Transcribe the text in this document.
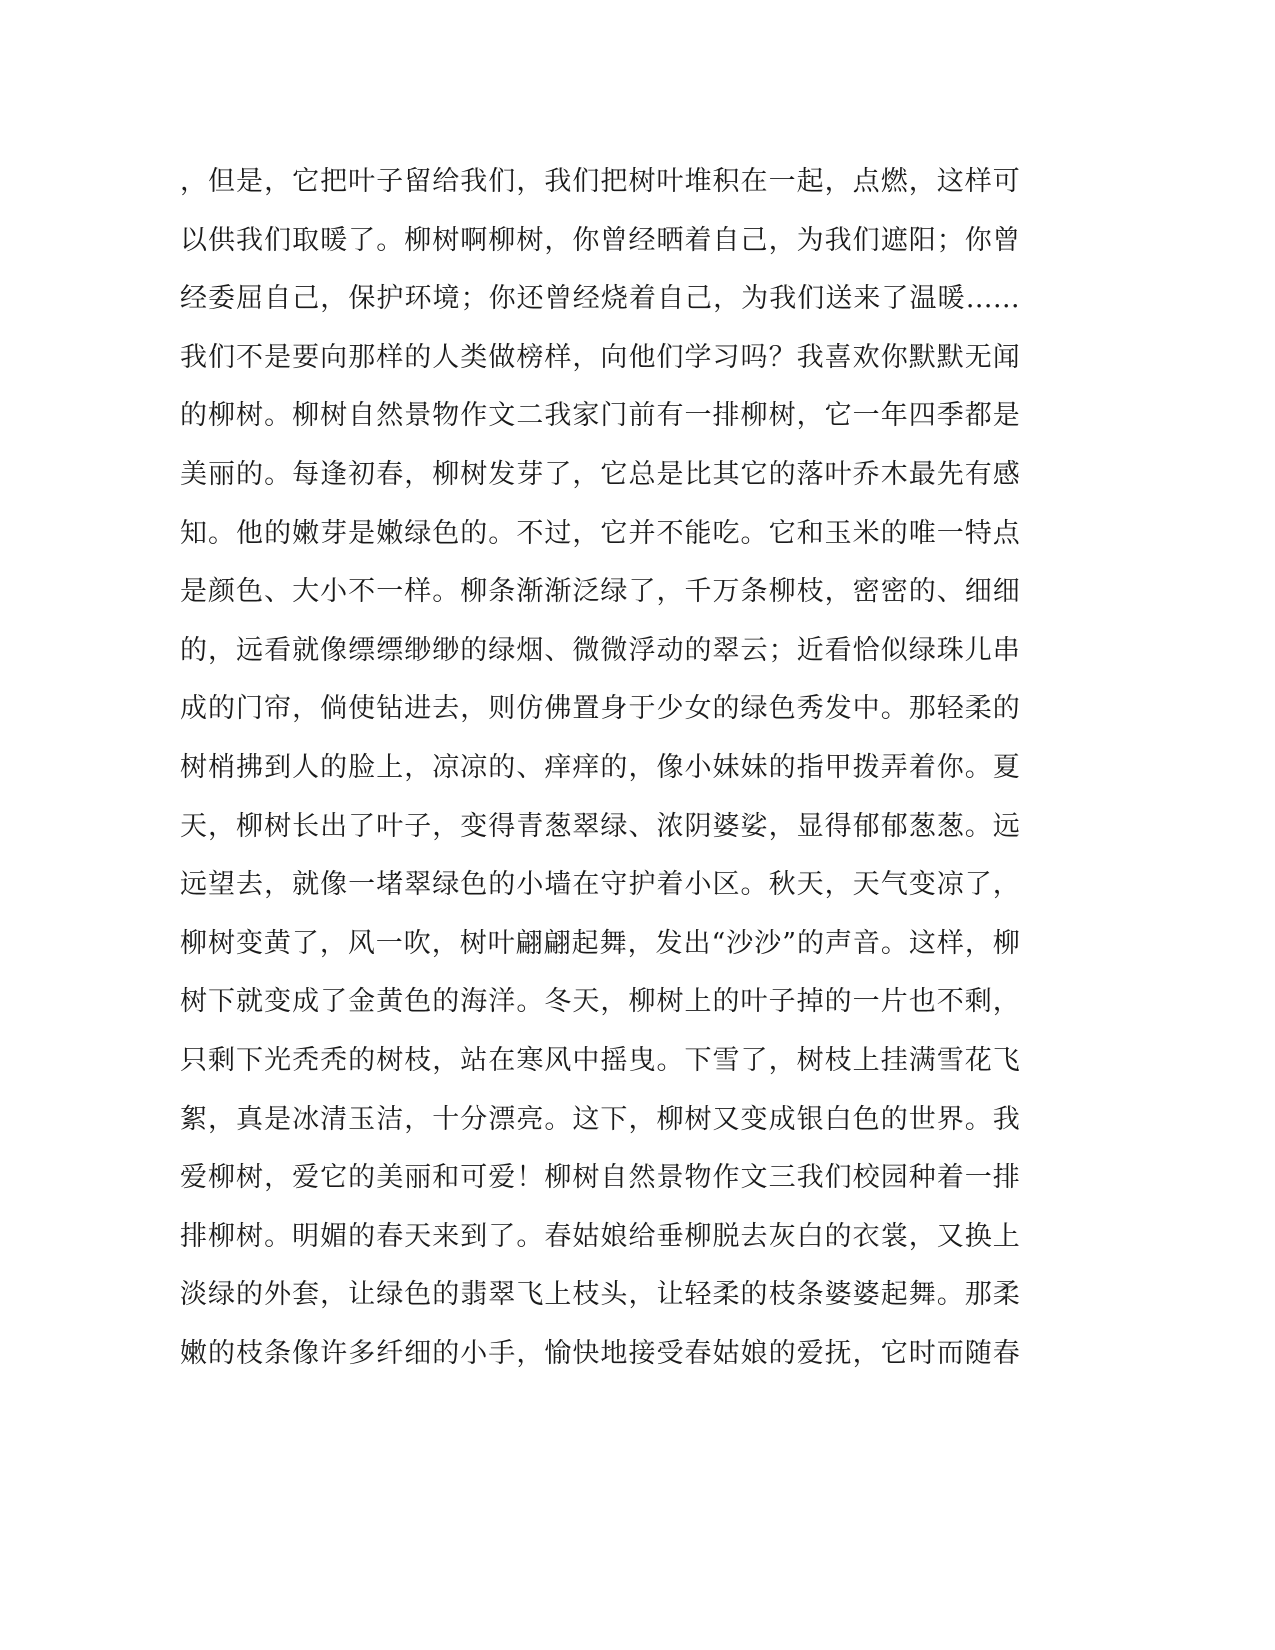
，但是，它把叶子留给我们，我们把树叶堆积在一起，点燃，这样可
以供我们取暖了。柳树啊柳树，你曾经晒着自己，为我们遮阳；你曾
经委屈自己，保护环境；你还曾经烧着自己，为我们送来了温暖……
我们不是要向那样的人类做榜样，向他们学习吗？我喜欢你默默无闻
的柳树。柳树自然景物作文二我家门前有一排柳树，它一年四季都是
美丽的。每逢初春，柳树发芽了，它总是比其它的落叶乔木最先有感
知。他的嫩芽是嫩绿色的。不过，它并不能吃。它和玉米的唯一特点
是颜色、大小不一样。柳条渐渐泛绿了，千万条柳枝，密密的、细细
的，远看就像缥缥缈缈的绿烟、微微浮动的翠云；近看恰似绿珠儿串
成的门帘，倘使钻进去，则仿佛置身于少女的绿色秀发中。那轻柔的
树梢拂到人的脸上，凉凉的、痒痒的，像小妹妹的指甲拨弄着你。夏
天，柳树长出了叶子，变得青葱翠绿、浓阴婆娑，显得郁郁葱葱。远
远望去，就像一堵翠绿色的小墙在守护着小区。秋天，天气变凉了，
柳树变黄了，风一吹，树叶翩翩起舞，发出“沙沙”的声音。这样，柳
树下就变成了金黄色的海洋。冬天，柳树上的叶子掉的一片也不剩，
只剩下光秃秃的树枝，站在寒风中摇曳。下雪了，树枝上挂满雪花飞
絮，真是冰清玉洁，十分漂亮。这下，柳树又变成银白色的世界。我
爱柳树，爱它的美丽和可爱！柳树自然景物作文三我们校园种着一排
排柳树。明媚的春天来到了。春姑娘给垂柳脱去灰白的衣裳，又换上
淡绿的外套，让绿色的翡翠飞上枝头，让轻柔的枝条婆婆起舞。那柔
嫩的枝条像许多纤细的小手，愉快地接受春姑娘的爱抚，它时而随春
